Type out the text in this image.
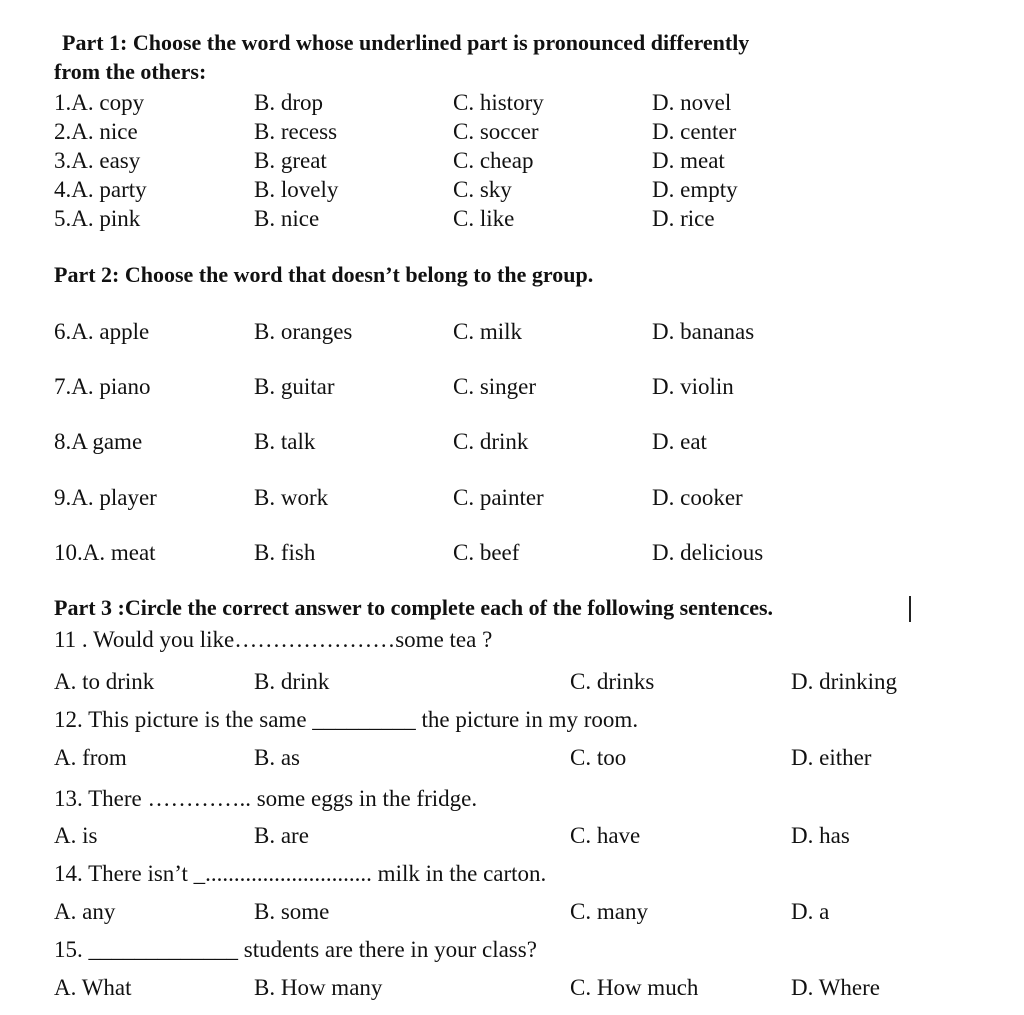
Part 1: Choose the word whose underlined part is pronounced differently
from the others:
1.A. copy	B. drop	C. history	D. novel
2.A. nice	B. recess	C. soccer	D. center
3.A. easy	B. great	C. cheap	D. meat
4.A. party	B. lovely	C. sky	D. empty
5.A. pink	B. nice	C. like	D. rice
Part 2: Choose the word that doesn’t belong to the group.
6.A. apple	B. oranges	C. milk	D. bananas
7.A. piano	B. guitar	C. singer	D. violin
8.A game	B. talk	C. drink	D. eat
9.A. player	B. work	C. painter	D. cooker
10.A. meat	B. fish	C. beef	D. delicious
Part 3 :Circle the correct answer to complete each of the following sentences.
11 . Would you like…………………some tea ?
A. to drink	B. drink	C. drinks	D. drinking
12. This picture is the same _________ the picture in my room.
A. from	B. as	C. too	D. either
13. There ………….. some eggs in the fridge.
A. is	B. are	C. have	D. has
14. There isn’t _............................. milk in the carton.
A. any	B. some	C. many	D. a
15. _____________ students are there in your class?
A. What	B. How many	C. How much	D. Where
